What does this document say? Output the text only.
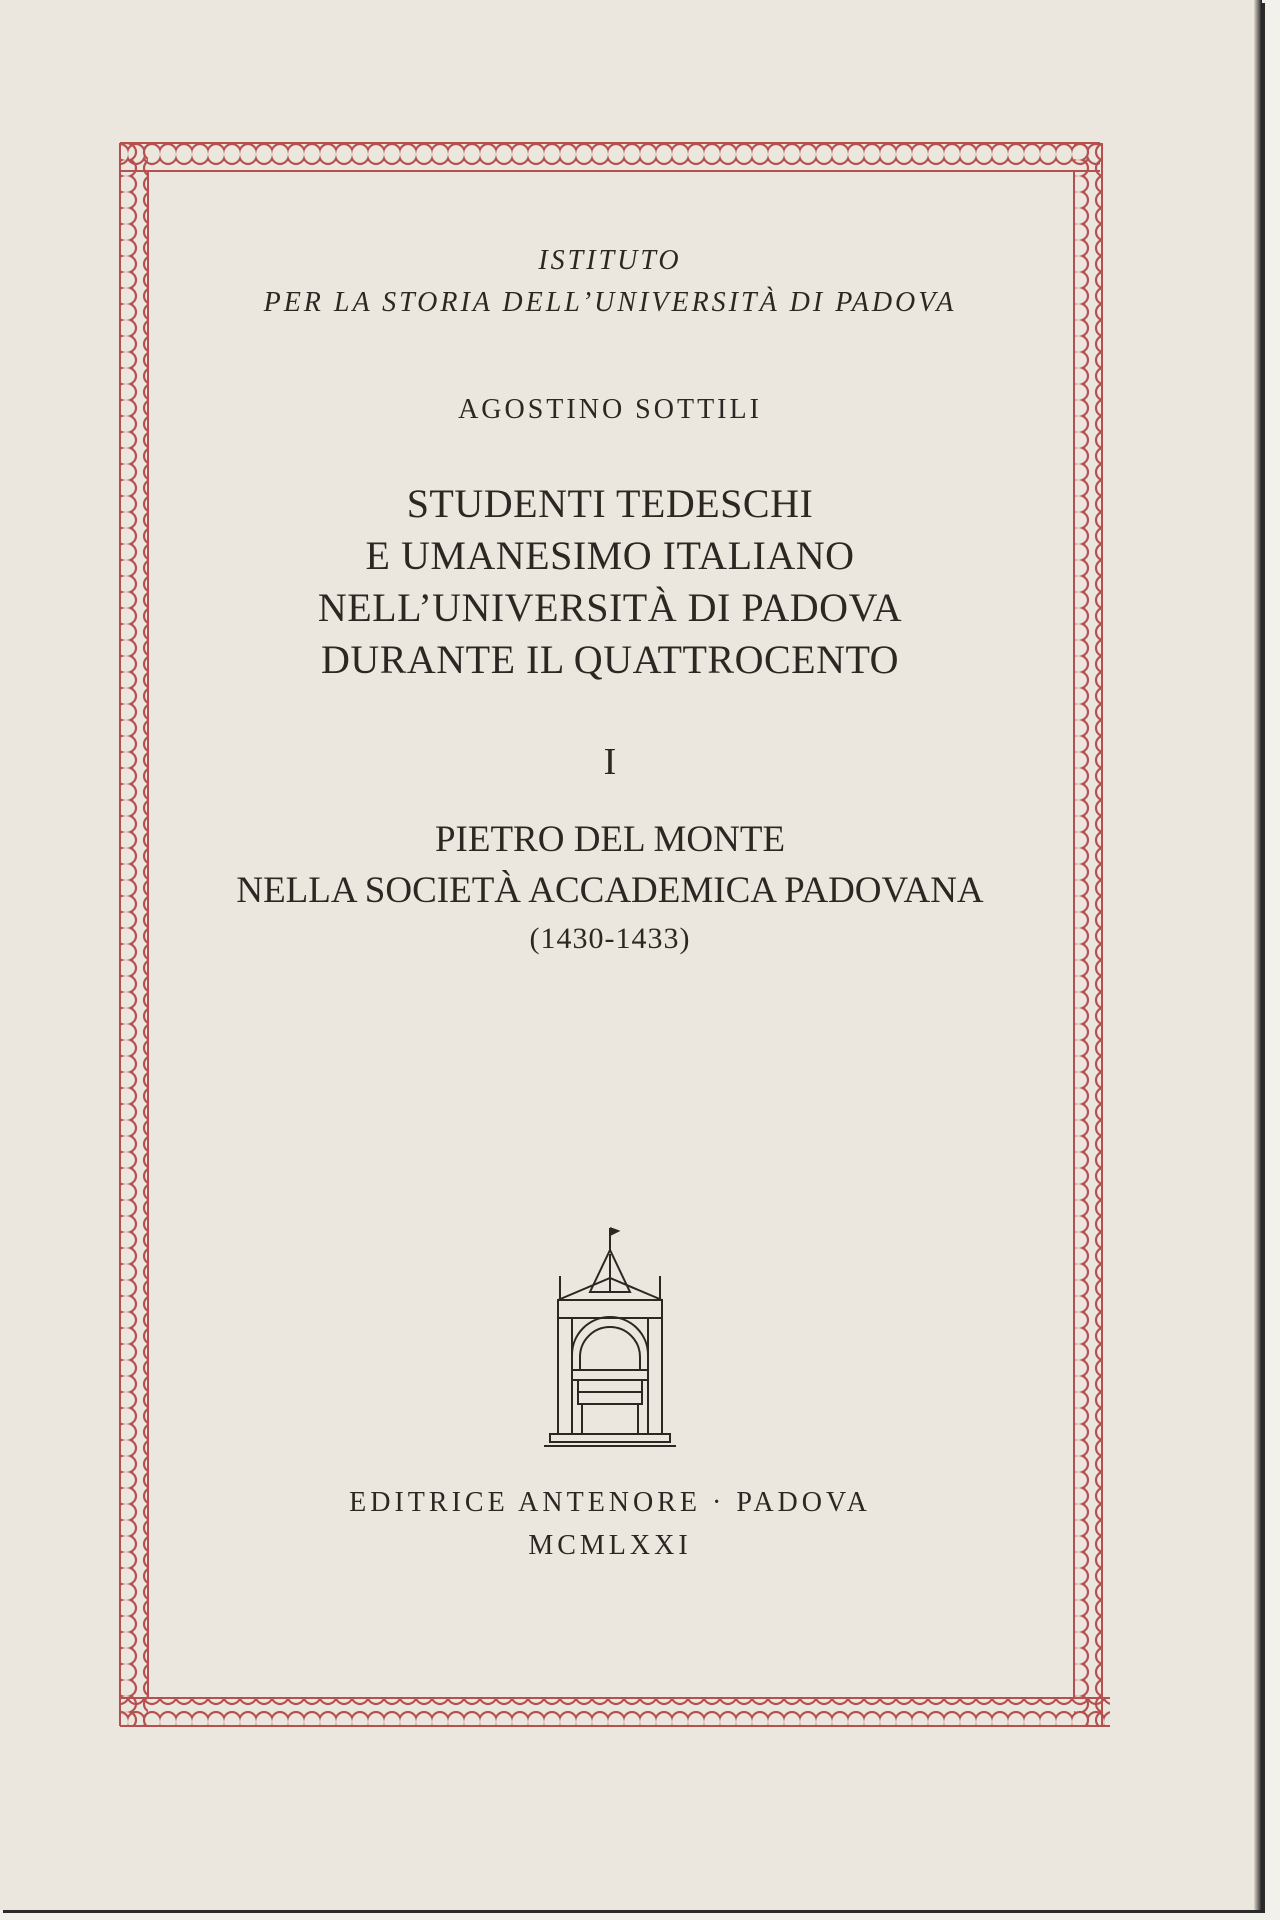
ISTITUTO
PER LA STORIA DELL’UNIVERSITÀ DI PADOVA
AGOSTINO SOTTILI
STUDENTI TEDESCHI
E UMANESIMO ITALIANO
NELL’UNIVERSITÀ DI PADOVA
DURANTE IL QUATTROCENTO
I
PIETRO DEL MONTE
NELLA SOCIETÀ ACCADEMICA PADOVANA
(1430-1433)
EDITRICE ANTENORE · PADOVA
MCMLXXI
